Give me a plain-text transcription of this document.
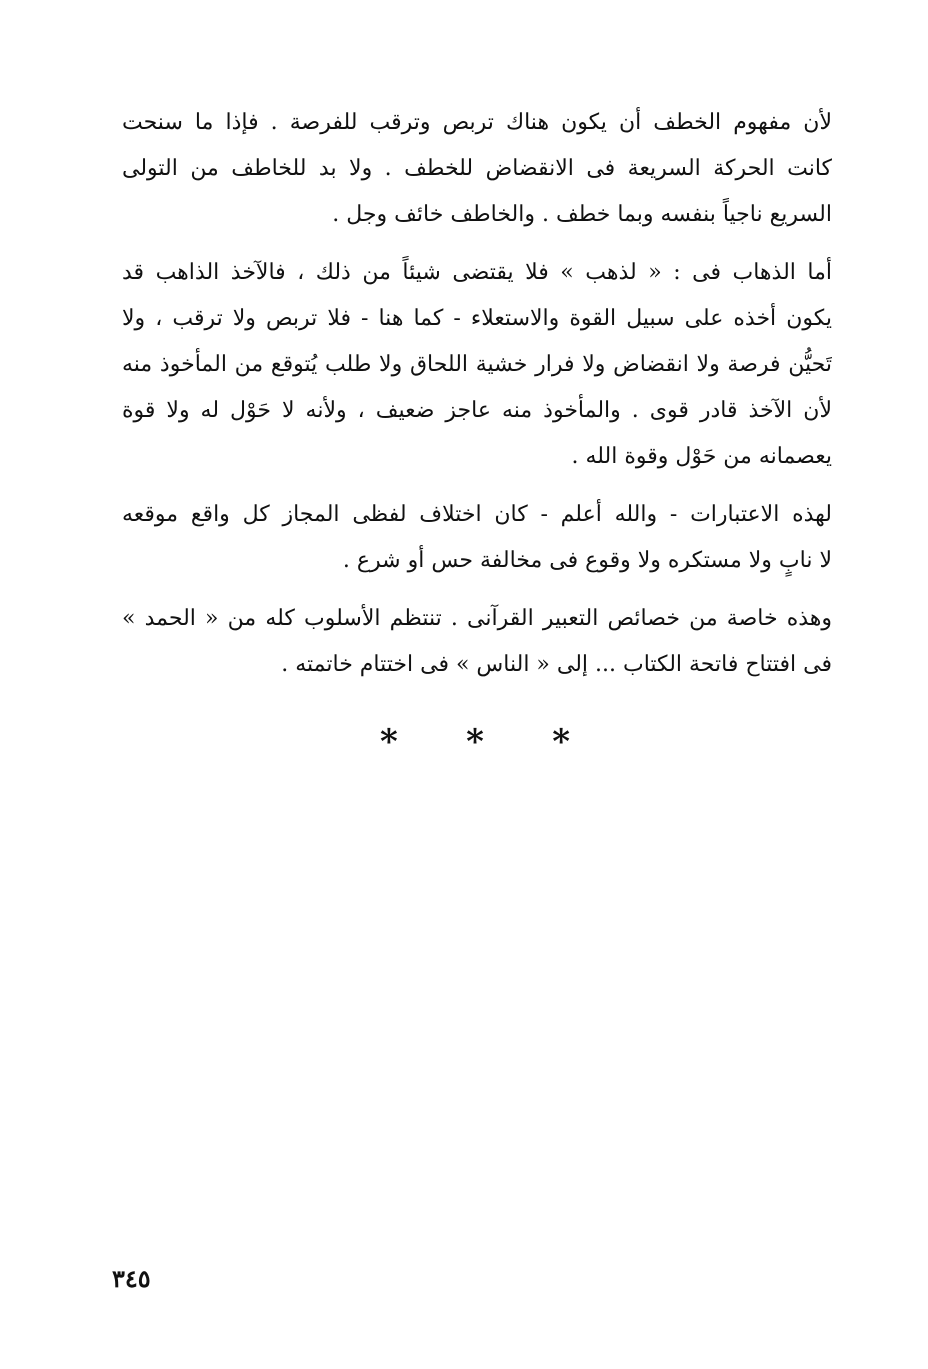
لأن مفهوم الخطف أن يكون هناك تربص وترقب للفرصة . فإذا ما سنحت
كانت الحركة السريعة فى الانقضاض للخطف . ولا بد للخاطف من التولى
السريع ناجياً بنفسه وبما خطف . والخاطف خائف وجل .
أما الذهاب فى : « لذهب » فلا يقتضى شيئاً من ذلك ، فالآخذ الذاهب قد
يكون أخذه على سبيل القوة والاستعلاء - كما هنا - فلا تربص ولا ترقب ، ولا
تَحيُّن فرصة ولا انقضاض ولا فرار خشية اللحاق ولا طلب يُتوقع من المأخوذ منه
لأن الآخذ قادر قوى . والمأخوذ منه عاجز ضعيف ، ولأنه لا حَوْل له ولا قوة
يعصمانه من حَوْل وقوة الله .
لهذه الاعتبارات - والله أعلم - كان اختلاف لفظى المجاز كل واقع موقعه
لا نابٍ ولا مستكره ولا وقوع فى مخالفة حس أو شرع .
وهذه خاصة من خصائص التعبير القرآنى . تنتظم الأسلوب كله من « الحمد »
فى افتتاح فاتحة الكتاب ... إلى « الناس » فى اختتام خاتمته .
* * *
٣٤٥
